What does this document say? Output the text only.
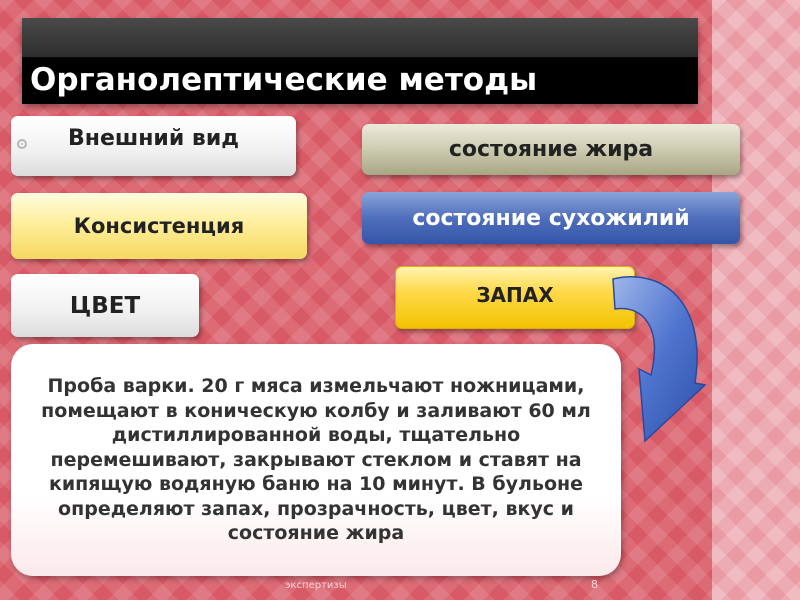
Органолептические методы
Внешний вид
Консистенция
ЦВЕТ
состояние жира
состояние сухожилий
ЗАПАХ
Проба варки. 20 г мяса измельчают ножницами, помещают в коническую колбу и заливают 60 мл дистиллированной воды, тщательно перемешивают, закрывают стеклом и ставят на кипящую водяную баню на 10 минут. В бульоне определяют запах, прозрачность, цвет, вкус и состояние жира
экспертизы	8
